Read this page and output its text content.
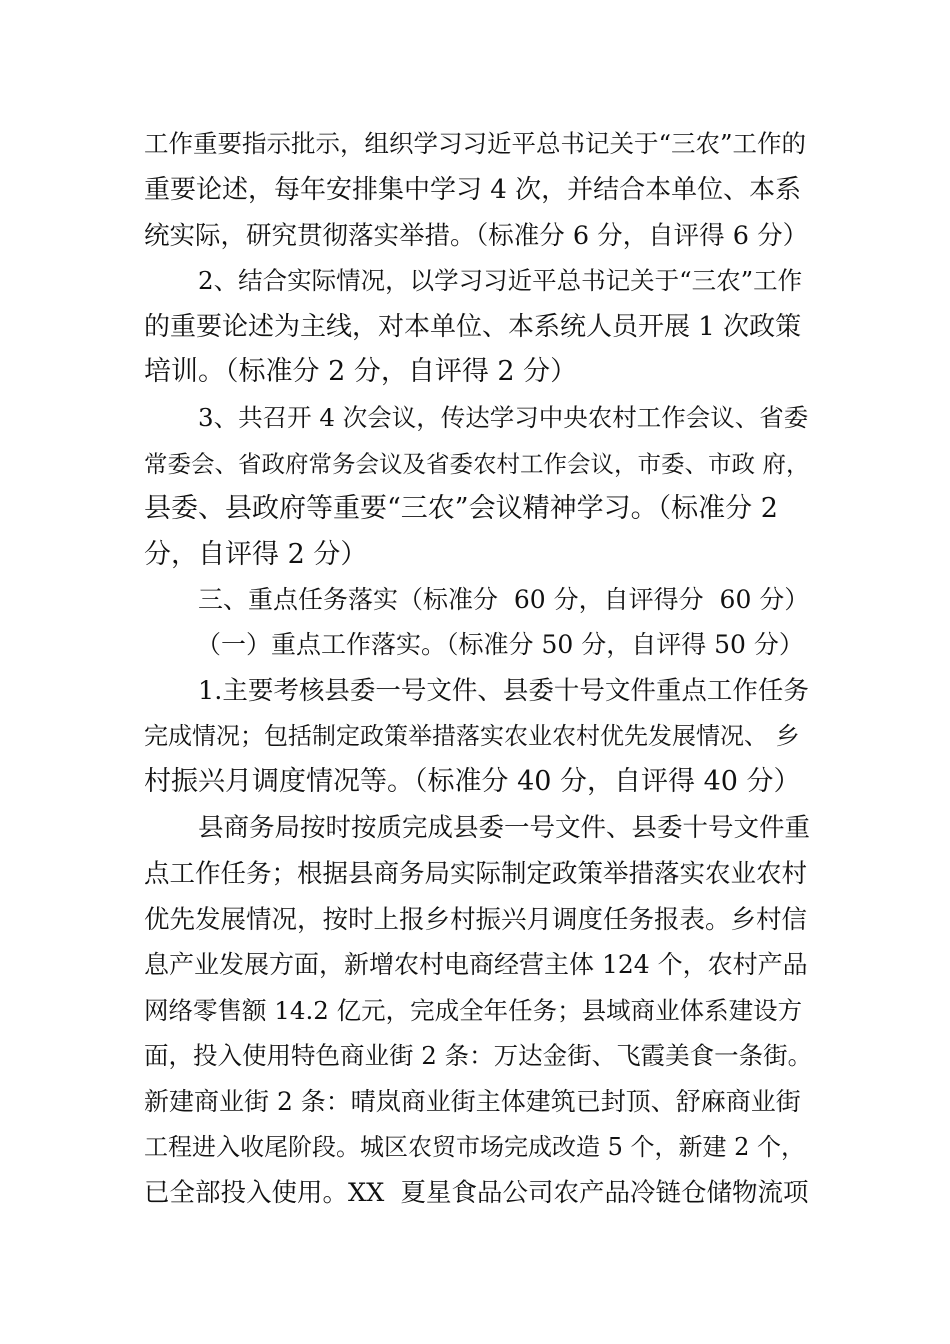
工作重要指示批示，组织学习习近平总书记关于“三农”工作的

重要论述，每年安排集中学习 4 次，并结合本单位、本系

统实际，研究贯彻落实举措。（标准分 6 分，自评得 6 分）

2、结合实际情况，以学习习近平总书记关于“三农”工作

的重要论述为主线，对本单位、本系统人员开展 1 次政策

培训。（标准分 2 分，自评得 2 分）

3、共召开 4 次会议，传达学习中央农村工作会议、省委

常委会、省政府常务会议及省委农村工作会议，市委、市政 府，

县委、县政府等重要“三农”会议精神学习。（标准分 2

分，自评得 2 分）

三、重点任务落实（标准分  60 分，自评得分  60 分）

（一）重点工作落实。（标准分 50 分，自评得 50 分）

1.主要考核县委一号文件、县委十号文件重点工作任务

完成情况；包括制定政策举措落实农业农村优先发展情况、 乡

村振兴月调度情况等。（标准分 40 分，自评得 40 分）

县商务局按时按质完成县委一号文件、县委十号文件重

点工作任务；根据县商务局实际制定政策举措落实农业农村

优先发展情况，按时上报乡村振兴月调度任务报表。乡村信

息产业发展方面，新增农村电商经营主体 124 个，农村产品

网络零售额 14.2 亿元，完成全年任务；县域商业体系建设方

面，投入使用特色商业街 2 条：万达金街、飞霞美食一条街。

新建商业街 2 条：晴岚商业街主体建筑已封顶、舒麻商业街

工程进入收尾阶段。城区农贸市场完成改造 5 个，新建 2 个，

已全部投入使用。XX  夏星食品公司农产品冷链仓储物流项
